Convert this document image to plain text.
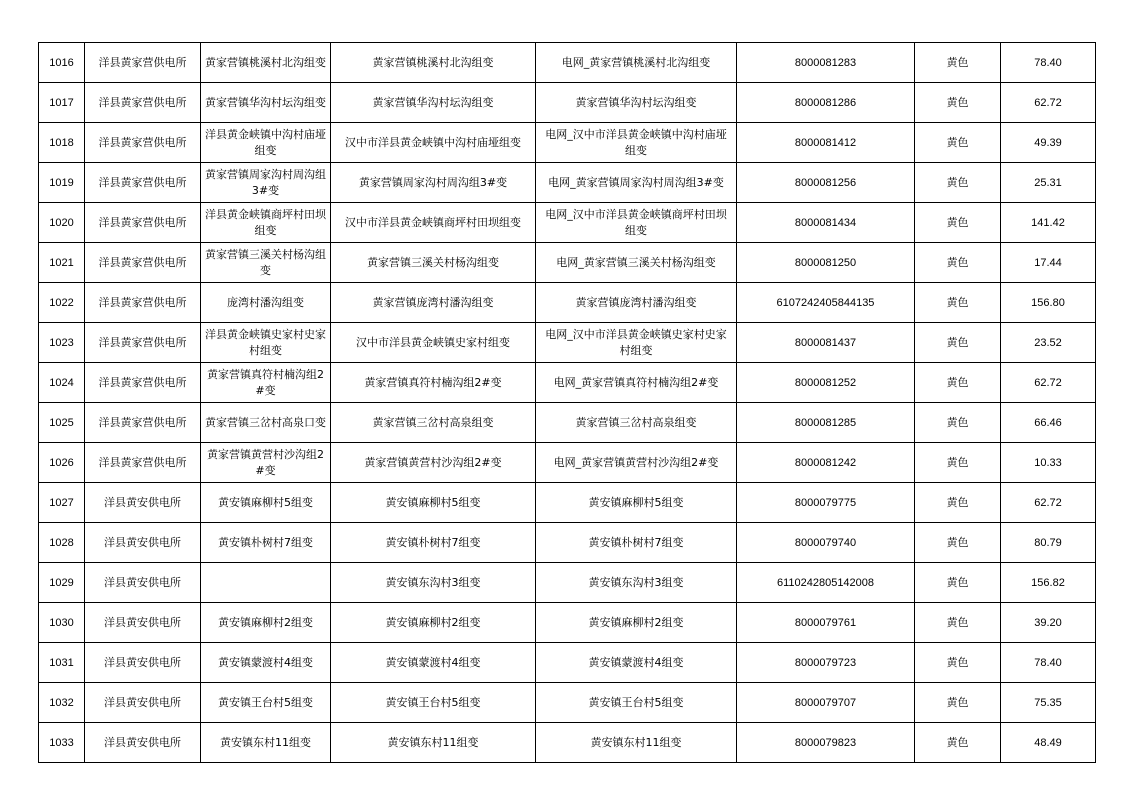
1016	洋县黄家营供电所	黄家营镇桃溪村北沟组变	黄家营镇桃溪村北沟组变	电网_黄家营镇桃溪村北沟组变	8000081283	黄色	78.40
1017	洋县黄家营供电所	黄家营镇华沟村坛沟组变	黄家营镇华沟村坛沟组变	黄家营镇华沟村坛沟组变	8000081286	黄色	62.72
1018	洋县黄家营供电所	洋县黄金峡镇中沟村庙垭组变	汉中市洋县黄金峡镇中沟村庙垭组变	电网_汉中市洋县黄金峡镇中沟村庙垭组变	8000081412	黄色	49.39
1019	洋县黄家营供电所	黄家营镇周家沟村周沟组3#变	黄家营镇周家沟村周沟组3#变	电网_黄家营镇周家沟村周沟组3#变	8000081256	黄色	25.31
1020	洋县黄家营供电所	洋县黄金峡镇商坪村田坝组变	汉中市洋县黄金峡镇商坪村田坝组变	电网_汉中市洋县黄金峡镇商坪村田坝组变	8000081434	黄色	141.42
1021	洋县黄家营供电所	黄家营镇三溪关村杨沟组变	黄家营镇三溪关村杨沟组变	电网_黄家营镇三溪关村杨沟组变	8000081250	黄色	17.44
1022	洋县黄家营供电所	庞湾村潘沟组变	黄家营镇庞湾村潘沟组变	黄家营镇庞湾村潘沟组变	6107242405844135	黄色	156.80
1023	洋县黄家营供电所	洋县黄金峡镇史家村史家村组变	汉中市洋县黄金峡镇史家村组变	电网_汉中市洋县黄金峡镇史家村史家村组变	8000081437	黄色	23.52
1024	洋县黄家营供电所	黄家营镇真符村楠沟组2#变	黄家营镇真符村楠沟组2#变	电网_黄家营镇真符村楠沟组2#变	8000081252	黄色	62.72
1025	洋县黄家营供电所	黄家营镇三岔村高泉口变	黄家营镇三岔村高泉组变	黄家营镇三岔村高泉组变	8000081285	黄色	66.46
1026	洋县黄家营供电所	黄家营镇黄营村沙沟组2#变	黄家营镇黄营村沙沟组2#变	电网_黄家营镇黄营村沙沟组2#变	8000081242	黄色	10.33
1027	洋县黄安供电所	黄安镇麻柳村5组变	黄安镇麻柳村5组变	黄安镇麻柳村5组变	8000079775	黄色	62.72
1028	洋县黄安供电所	黄安镇朴树村7组变	黄安镇朴树村7组变	黄安镇朴树村7组变	8000079740	黄色	80.79
1029	洋县黄安供电所		黄安镇东沟村3组变	黄安镇东沟村3组变	6110242805142008	黄色	156.82
1030	洋县黄安供电所	黄安镇麻柳村2组变	黄安镇麻柳村2组变	黄安镇麻柳村2组变	8000079761	黄色	39.20
1031	洋县黄安供电所	黄安镇蒙渡村4组变	黄安镇蒙渡村4组变	黄安镇蒙渡村4组变	8000079723	黄色	78.40
1032	洋县黄安供电所	黄安镇王台村5组变	黄安镇王台村5组变	黄安镇王台村5组变	8000079707	黄色	75.35
1033	洋县黄安供电所	黄安镇东村11组变	黄安镇东村11组变	黄安镇东村11组变	8000079823	黄色	48.49
